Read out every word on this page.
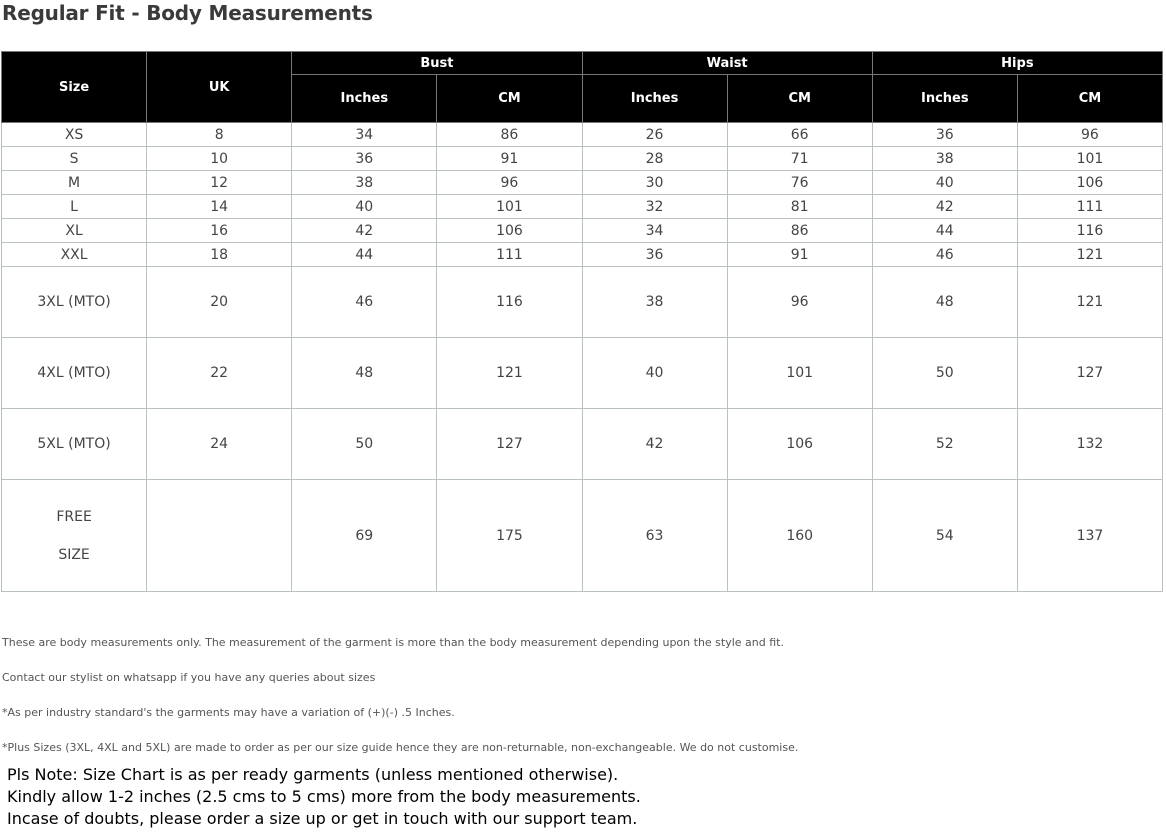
Regular Fit - Body Measurements
Size	UK	Bust		Waist		Hips	
		Inches	CM	Inches	CM	Inches	CM
XS	8	34	86	26	66	36	96
S	10	36	91	28	71	38	101
M	12	38	96	30	76	40	106
L	14	40	101	32	81	42	111
XL	16	42	106	34	86	44	116
XXL	18	44	111	36	91	46	121
3XL (MTO)	20	46	116	38	96	48	121
4XL (MTO)	22	48	121	40	101	50	127
5XL (MTO)	24	50	127	42	106	52	132

FREE
SIZE		69	175	63	160	54	137

These are body measurements only. The measurement of the garment is more than the body measurement depending upon the style and fit.

Contact our stylist on whatsapp if you have any queries about sizes

*As per industry standard's the garments may have a variation of (+)(-) .5 Inches.

*Plus Sizes (3XL, 4XL and 5XL) are made to order as per our size guide hence they are non-returnable, non-exchangeable. We do not customise.

Pls Note: Size Chart is as per ready garments (unless mentioned otherwise).
Kindly allow 1-2 inches (2.5 cms to 5 cms) more from the body measurements.
Incase of doubts, please order a size up or get in touch with our support team.
